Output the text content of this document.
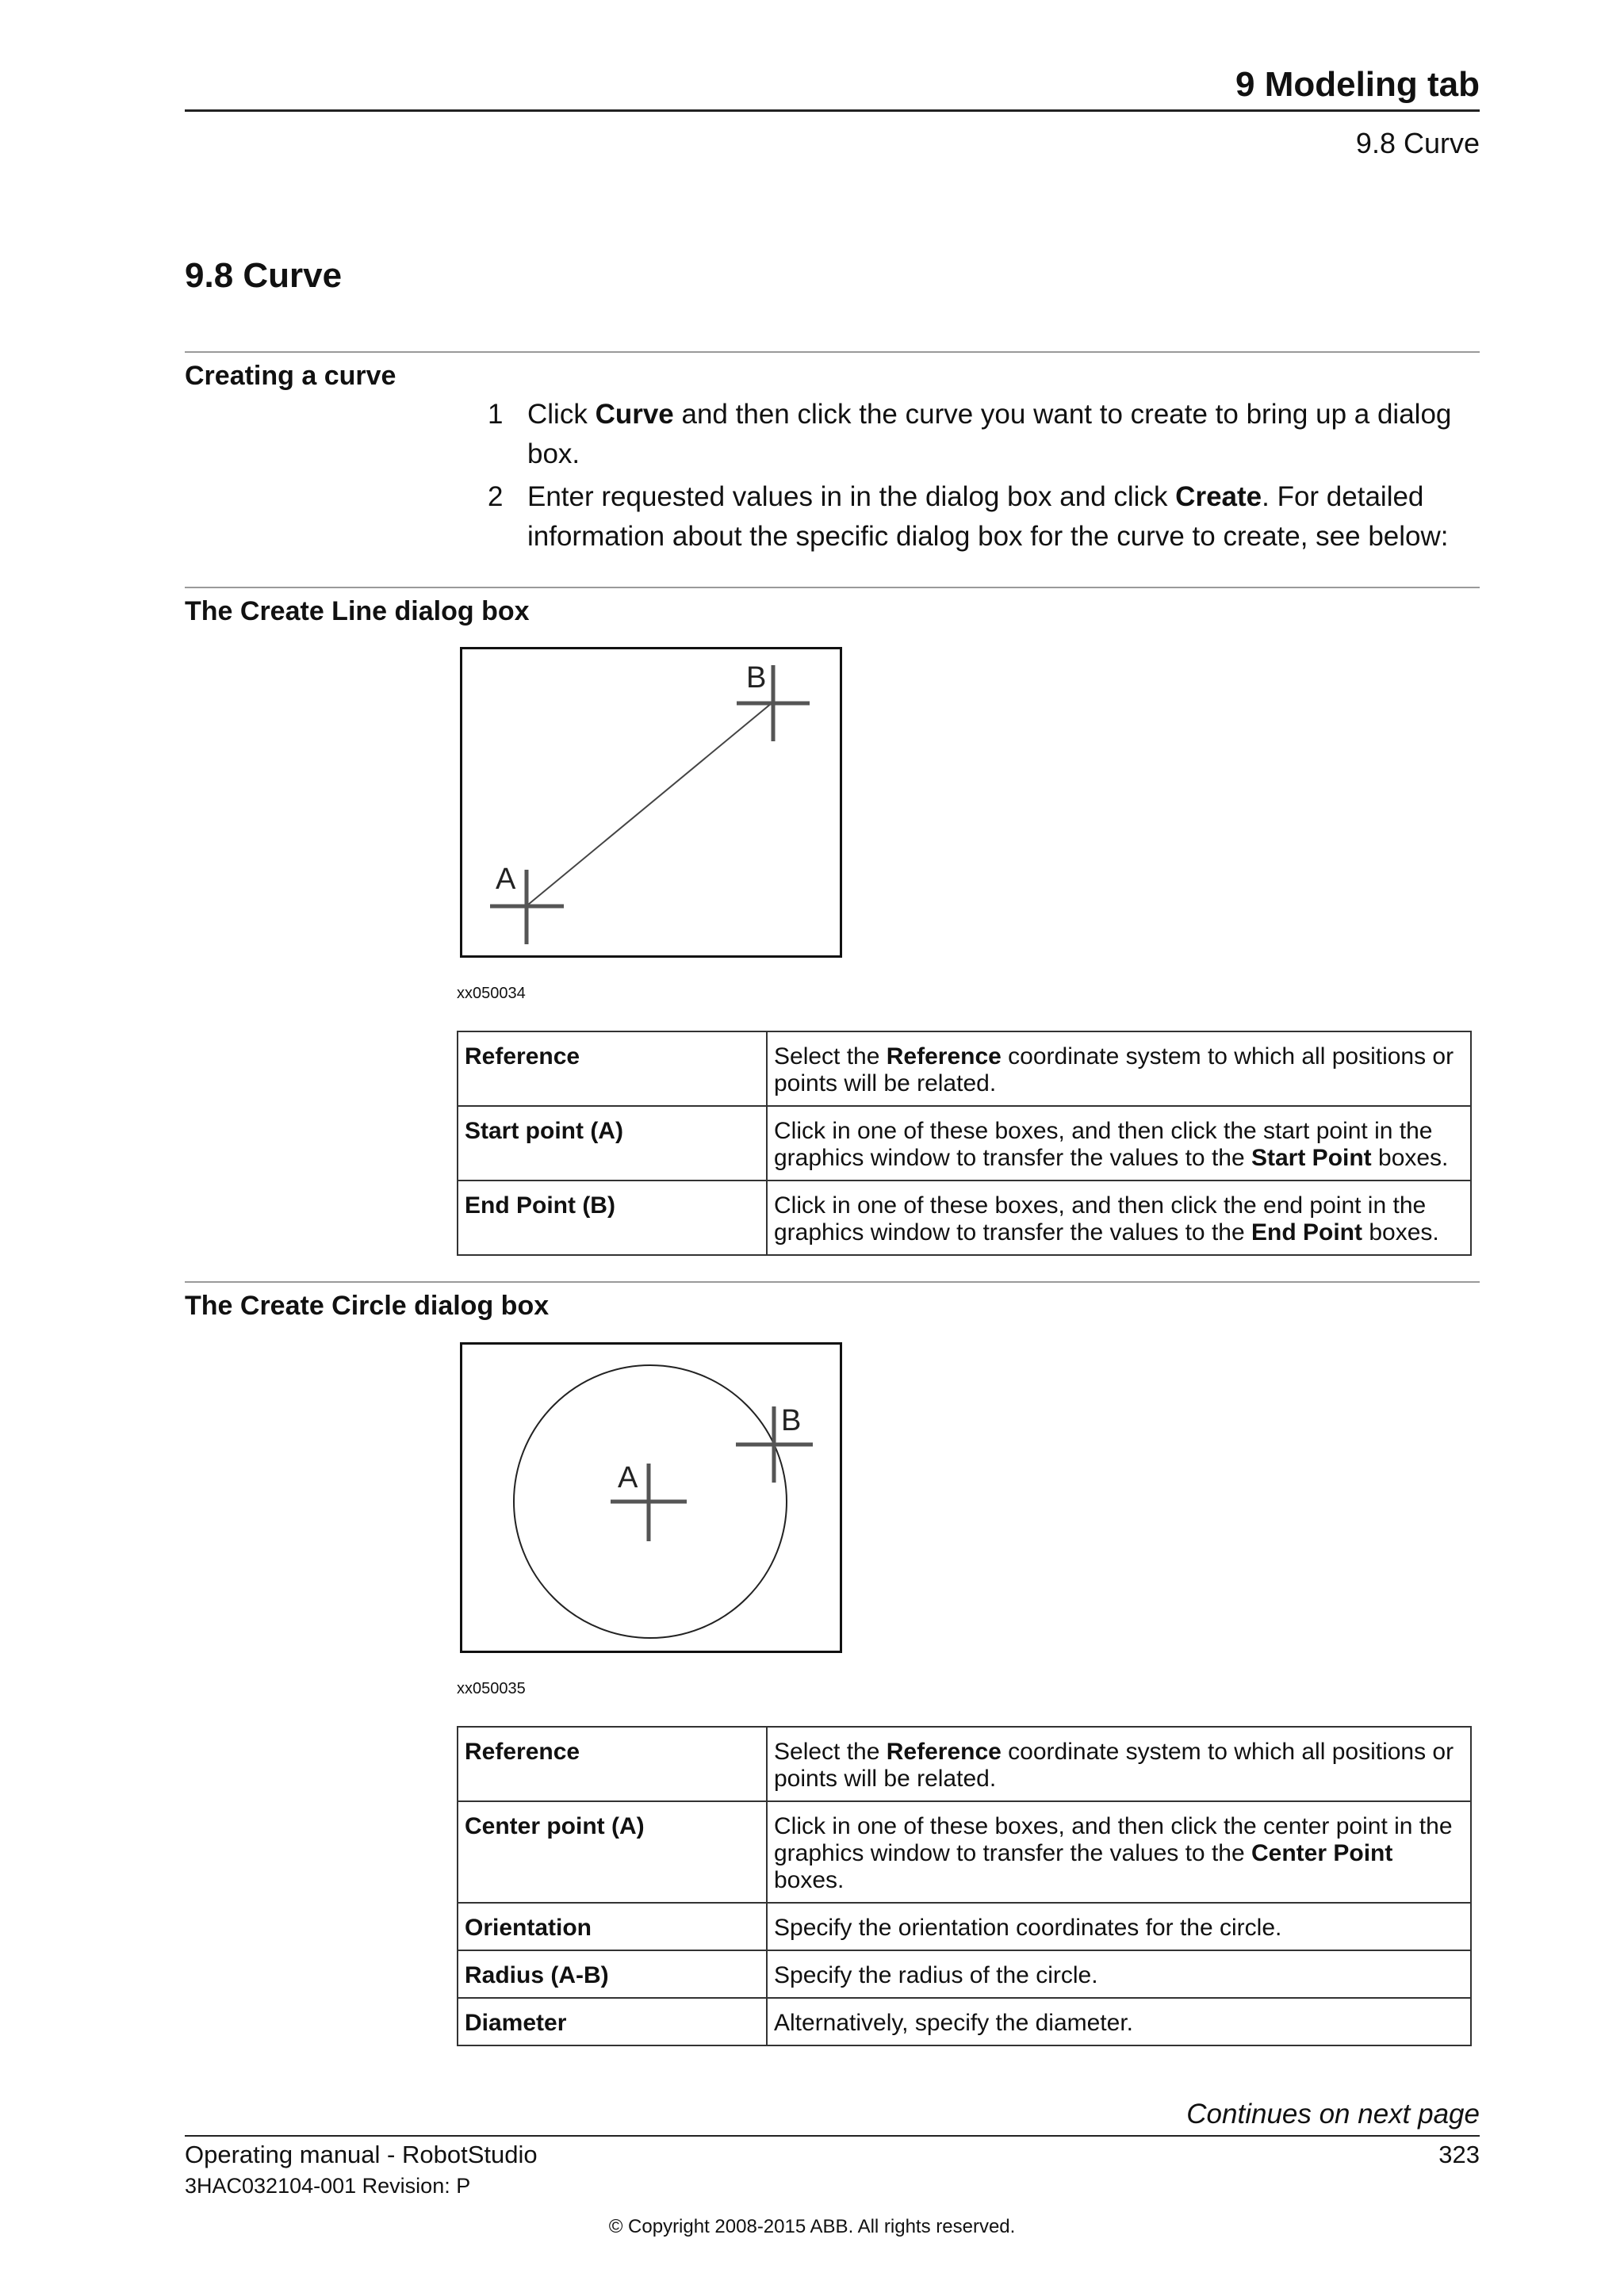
9 Modeling tab
9.8 Curve
9.8 Curve
Creating a curve
1 Click Curve and then click the curve you want to create to bring up a dialog box.
2 Enter requested values in in the dialog box and click Create. For detailed information about the specific dialog box for the curve to create, see below:
The Create Line dialog box
A
B
xx050034
Reference	Select the Reference coordinate system to which all positions or points will be related.
Start point (A)	Click in one of these boxes, and then click the start point in the graphics window to transfer the values to the Start Point boxes.
End Point (B)	Click in one of these boxes, and then click the end point in the graphics window to transfer the values to the End Point boxes.
The Create Circle dialog box
A
B
xx050035
Reference	Select the Reference coordinate system to which all positions or points will be related.
Center point (A)	Click in one of these boxes, and then click the center point in the graphics window to transfer the values to the Center Point boxes.
Orientation	Specify the orientation coordinates for the circle.
Radius (A-B)	Specify the radius of the circle.
Diameter	Alternatively, specify the diameter.
Continues on next page
Operating manual - RobotStudio	323
3HAC032104-001 Revision: P
© Copyright 2008-2015 ABB. All rights reserved.
